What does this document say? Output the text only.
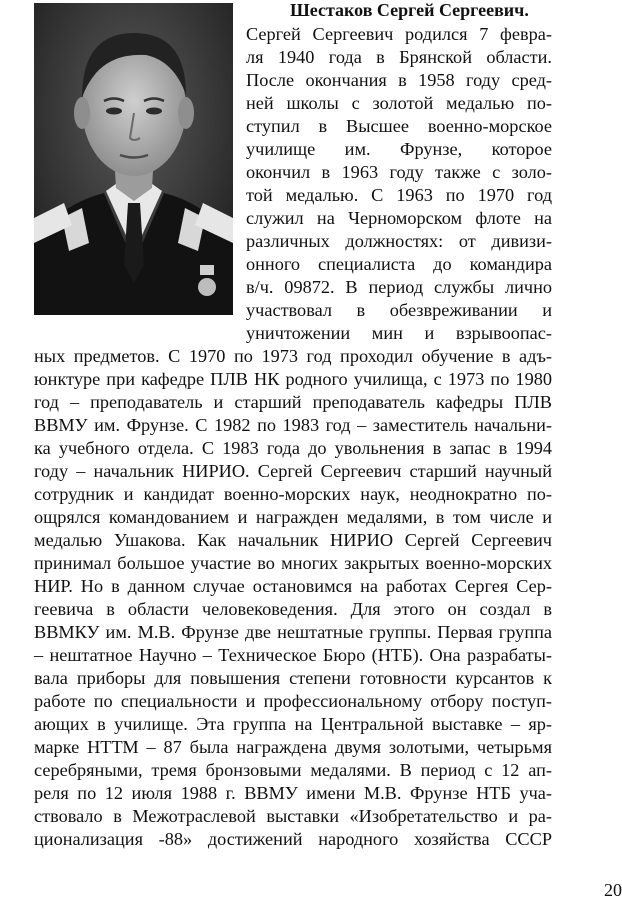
Шестаков Сергей Сергеевич.
Сергей Сергеевич родился 7 февра-
ля 1940 года в Брянской области.
После окончания в 1958 году сред-
ней школы с золотой медалью по-
ступил в Высшее военно-морское
училище им. Фрунзе, которое
окончил в 1963 году также с золо-
той медалью. С 1963 по 1970 год
служил на Черноморском флоте на
различных должностях: от дивизи-
онного специалиста до командира
в/ч. 09872. В период службы лично
участвовал в обезвреживании и
уничтожении мин и взрывоопас-
ных предметов. С 1970 по 1973 год проходил обучение в адъ-
юнктуре при кафедре ПЛВ НК родного училища, с 1973 по 1980
год – преподаватель и старший преподаватель кафедры ПЛВ
ВВМУ им. Фрунзе. С 1982 по 1983 год – заместитель начальни-
ка учебного отдела. С 1983 года до увольнения в запас в 1994
году – начальник НИРИО. Сергей Сергеевич старший научный
сотрудник и кандидат военно-морских наук, неоднократно по-
ощрялся командованием и награжден медалями, в том числе и
медалью Ушакова. Как начальник НИРИО Сергей Сергеевич
принимал большое участие во многих закрытых военно-морских
НИР. Но в данном случае остановимся на работах Сергея Сер-
геевича в области человековедения. Для этого он создал в
ВВМКУ им. М.В. Фрунзе две нештатные группы. Первая группа
– нештатное Научно – Техническое Бюро (НТБ). Она разрабаты-
вала приборы для повышения степени готовности курсантов к
работе по специальности и профессиональному отбору поступ-
ающих в училище. Эта группа на Центральной выставке – яр-
марке НТТМ – 87 была награждена двумя золотыми, четырьмя
серебряными, тремя бронзовыми медалями. В период с 12 ап-
реля по 12 июля 1988 г. ВВМУ имени М.В. Фрунзе НТБ уча-
ствовало в Межотраслевой выставки «Изобретательство и ра-
ционализация -88» достижений народного хозяйства СССР
20
